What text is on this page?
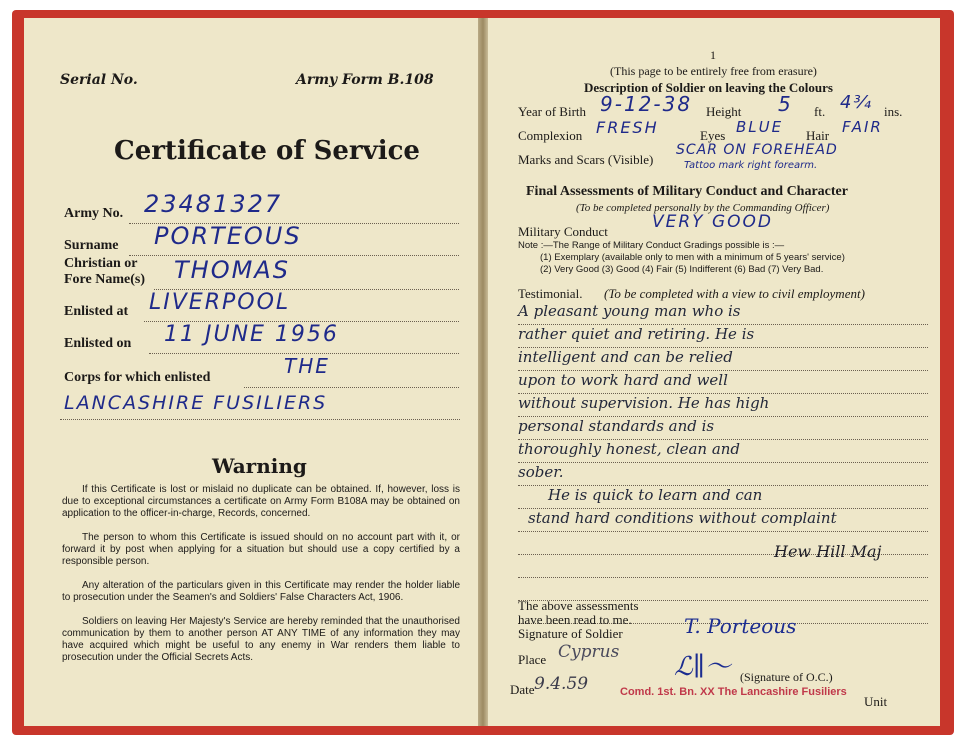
Serial No.	Army Form B.108
Certificate of Service
Army No. 23481327
Surname PORTEOUS
Christian or
Fore Name(s) THOMAS
Enlisted at LIVERPOOL
Enlisted on 11 JUNE 1956
Corps for which enlisted	THE
LANCASHIRE FUSILIERS
Warning

If this Certificate is lost or mislaid no duplicate can be obtained. If, however, loss is due to exceptional circumstances a certificate on Army Form B108A may be obtained on application to the officer-in-charge, Records, concerned.

The person to whom this Certificate is issued should on no account part with it, or forward it by post when applying for a situation but should use a copy certified by a responsible person.

Any alteration of the particulars given in this Certificate may render the holder liable to prosecution under the Seamen's and Soldiers' False Characters Act, 1906.

Soldiers on leaving Her Majesty's Service are hereby reminded that the unauthorised communication by them to another person AT ANY TIME of any information they may have acquired which might be useful to any enemy in War renders them liable to prosecution under the Official Secrets Acts.

1
(This page to be entirely free from erasure)
Description of Soldier on leaving the Colours
Year of Birth 9-12-38 Height 5 ft. 4¾ ins.
Complexion FRESH	Eyes BLUE Hair FAIR
Marks and Scars (Visible)
SCAR ON FOREHEAD
Tattoo mark right forearm.
Final Assessments of Military Conduct and Character
(To be completed personally by the Commanding Officer)
Military Conduct	VERY GOOD
Note :—The Range of Military Conduct Gradings possible is :—
(1) Exemplary (available only to men with a minimum of 5 years' service)
(2) Very Good (3) Good (4) Fair (5) Indifferent (6) Bad (7) Very Bad.
Testimonial. (To be completed with a view to civil employment)
A pleasant young man who is
rather quiet and retiring. He is
intelligent and can be relied
upon to work hard and well
without supervision. He has high
personal standards and is
thoroughly honest, clean and
sober.
He is quick to learn and can
stand hard conditions without complaint
Hew Hill Maj
The above assessments
have been read to me.
Signature of Soldier	T. Porteous
Place Cyprus ℒ∥〜 (Signature of O.C.)
Comd. 1st. Bn. XX The Lancashire Fusiliers
Date 9.4.59
Unit
